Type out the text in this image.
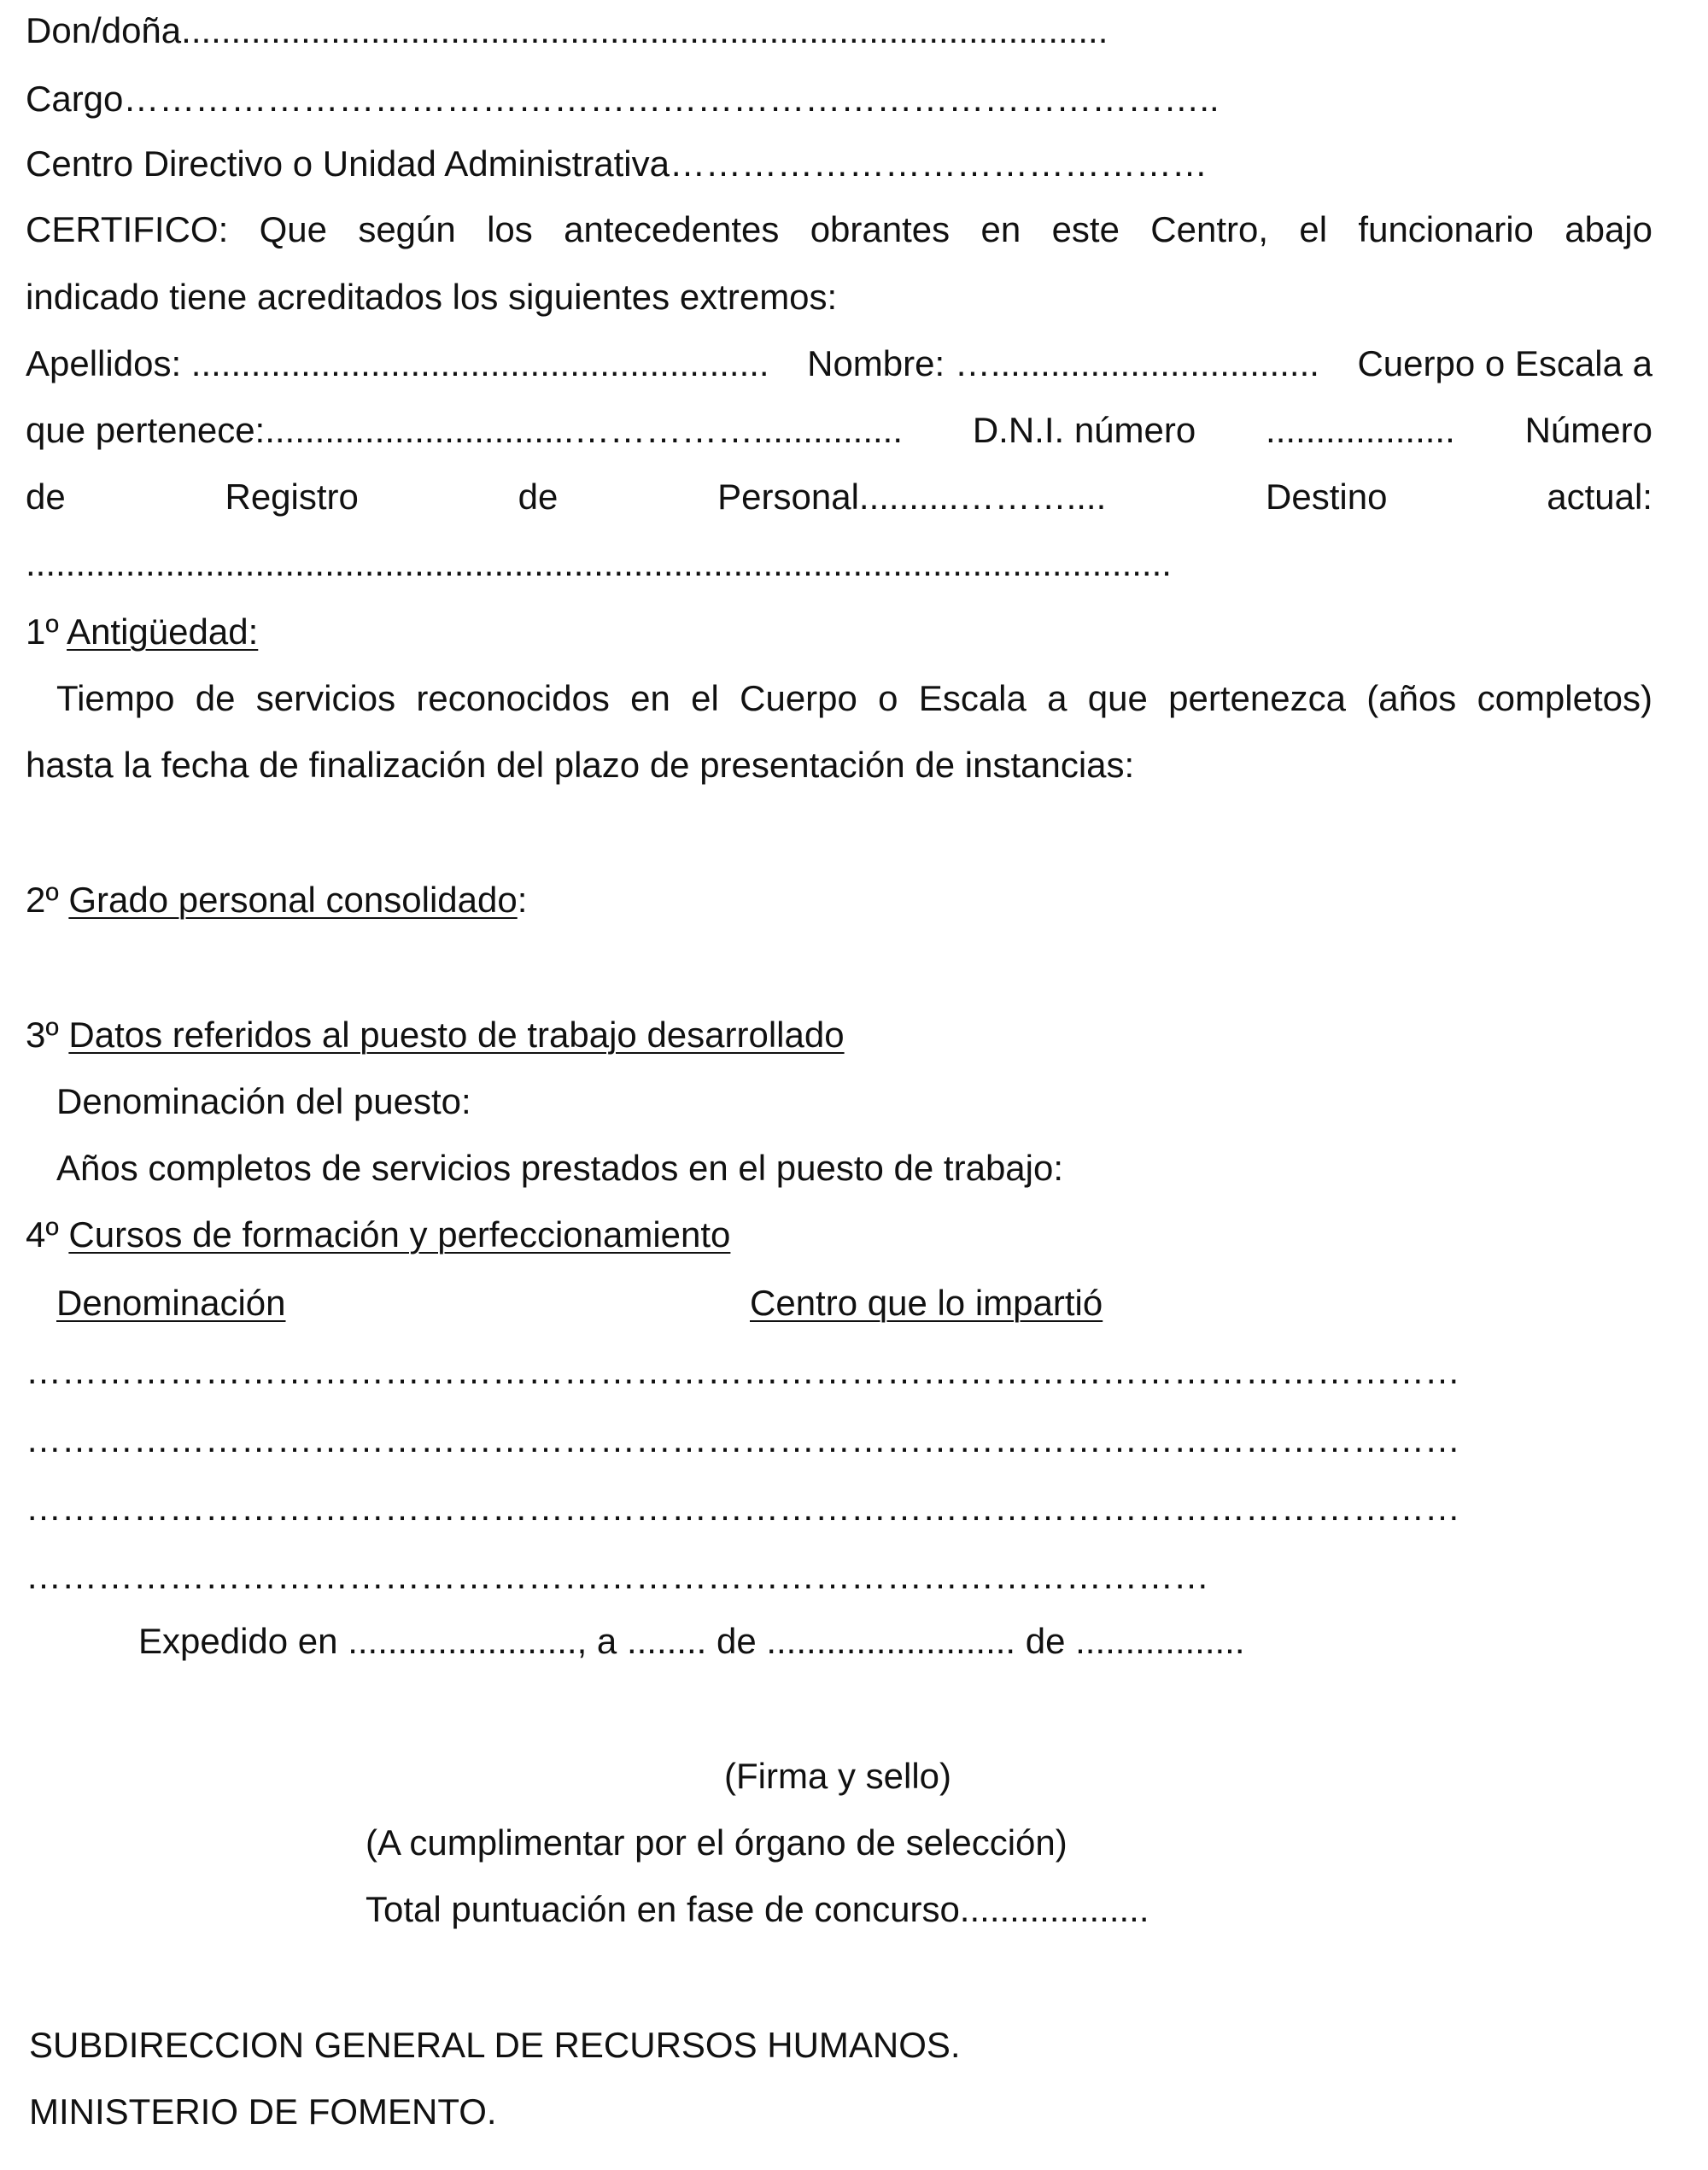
Don/doña.............................................................................................
Cargo………………………………………………………………………………..
Centro Directivo o Unidad Administrativa………………………………………
CERTIFICO: Que según los antecedentes obrantes en este Centro, el funcionario abajo
indicado tiene acreditados los siguientes extremos:
Apellidos: .......................................................... Nombre: …................................. Cuerpo o Escala a
que pertenece:...............................……………............... D.N.I. número ................... Número
de	Registro	de	Personal..........………....	Destino	actual:
...................................................................................................................
1º Antigüedad:
Tiempo de servicios reconocidos en el Cuerpo o Escala a que pertenezca (años completos)
hasta la fecha de finalización del plazo de presentación de instancias:
2º Grado personal consolidado:
3º Datos referidos al puesto de trabajo desarrollado
Denominación del puesto:
Años completos de servicios prestados en el puesto de trabajo:
4º Cursos de formación y perfeccionamiento
Denominación	Centro que lo impartió
…………………………………………………………………………………………………………
…………………………………………………………………………………………………………
…………………………………………………………………………………………………………
………………………………………………………………………………………
Expedido en ......................., a ........ de ......................... de .................
(Firma y sello)
(A cumplimentar por el órgano de selección)
Total puntuación en fase de concurso...................
SUBDIRECCION GENERAL DE RECURSOS HUMANOS.
MINISTERIO DE FOMENTO.
